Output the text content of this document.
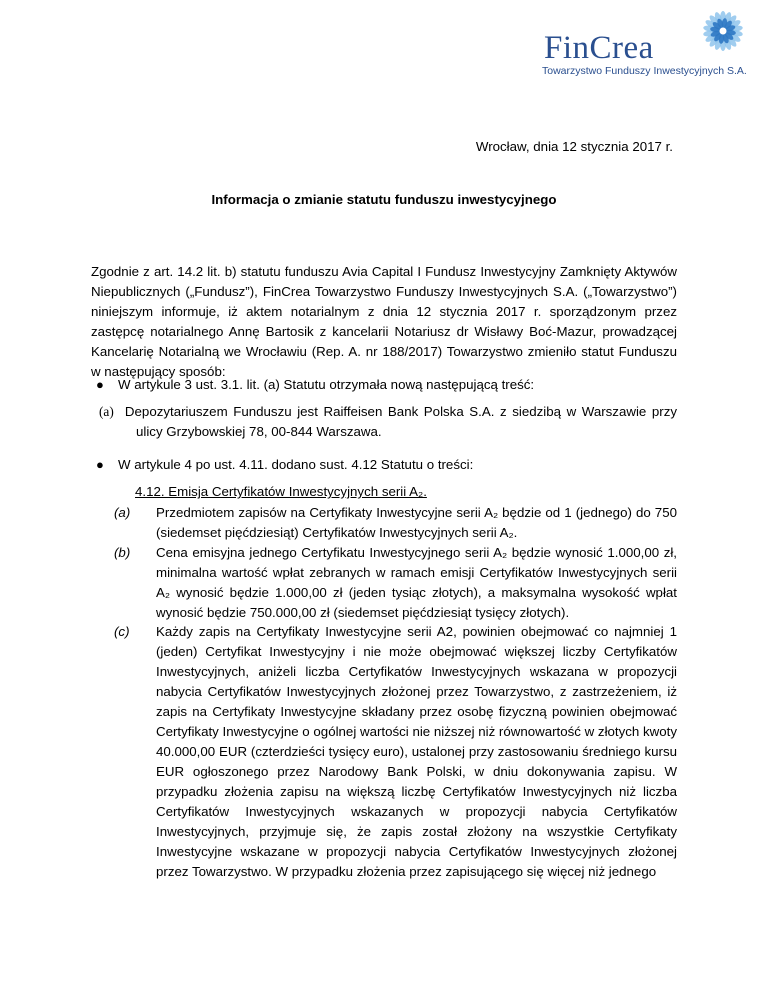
FinCrea
Towarzystwo Funduszy Inwestycyjnych S.A.
Wrocław, dnia 12 stycznia 2017 r.
Informacja o zmianie statutu funduszu inwestycyjnego
Zgodnie z art. 14.2 lit. b) statutu funduszu Avia Capital I Fundusz Inwestycyjny Zamknięty Aktywów Niepublicznych („Fundusz”), FinCrea Towarzystwo Funduszy Inwestycyjnych S.A. („Towarzystwo”) niniejszym informuje, iż aktem notarialnym z dnia 12 stycznia 2017 r. sporządzonym przez zastępcę notarialnego Annę Bartosik z kancelarii Notariusz dr Wisławy Boć-Mazur, prowadzącej Kancelarię Notarialną we Wrocławiu (Rep. A. nr 188/2017) Towarzystwo zmieniło statut Funduszu w następujący sposób:
● W artykule 3 ust. 3.1. lit. (a) Statutu otrzymała nową następującą treść:
(a) Depozytariuszem Funduszu jest Raiffeisen Bank Polska S.A. z siedzibą w Warszawie przy ulicy Grzybowskiej 78, 00-844 Warszawa.
● W artykule 4 po ust. 4.11. dodano sust. 4.12 Statutu o treści:
4.12. Emisja Certyfikatów Inwestycyjnych serii A₂.
(a) Przedmiotem zapisów na Certyfikaty Inwestycyjne serii A₂ będzie od 1 (jednego) do 750 (siedemset pięćdziesiąt) Certyfikatów Inwestycyjnych serii A₂.
(b) Cena emisyjna jednego Certyfikatu Inwestycyjnego serii A₂ będzie wynosić 1.000,00 zł, minimalna wartość wpłat zebranych w ramach emisji Certyfikatów Inwestycyjnych serii A₂ wynosić będzie 1.000,00 zł (jeden tysiąc złotych), a maksymalna wysokość wpłat wynosić będzie 750.000,00 zł (siedemset pięćdziesiąt tysięcy złotych).
(c) Każdy zapis na Certyfikaty Inwestycyjne serii A2, powinien obejmować co najmniej 1 (jeden) Certyfikat Inwestycyjny i nie może obejmować większej liczby Certyfikatów Inwestycyjnych, aniżeli liczba Certyfikatów Inwestycyjnych wskazana w propozycji nabycia Certyfikatów Inwestycyjnych złożonej przez Towarzystwo, z zastrzeżeniem, iż zapis na Certyfikaty Inwestycyjne składany przez osobę fizyczną powinien obejmować Certyfikaty Inwestycyjne o ogólnej wartości nie niższej niż równowartość w złotych kwoty 40.000,00 EUR (czterdzieści tysięcy euro), ustalonej przy zastosowaniu średniego kursu EUR ogłoszonego przez Narodowy Bank Polski, w dniu dokonywania zapisu. W przypadku złożenia zapisu na większą liczbę Certyfikatów Inwestycyjnych niż liczba Certyfikatów Inwestycyjnych wskazanych w propozycji nabycia Certyfikatów Inwestycyjnych, przyjmuje się, że zapis został złożony na wszystkie Certyfikaty Inwestycyjne wskazane w propozycji nabycia Certyfikatów Inwestycyjnych złożonej przez Towarzystwo. W przypadku złożenia przez zapisującego się więcej niż jednego
